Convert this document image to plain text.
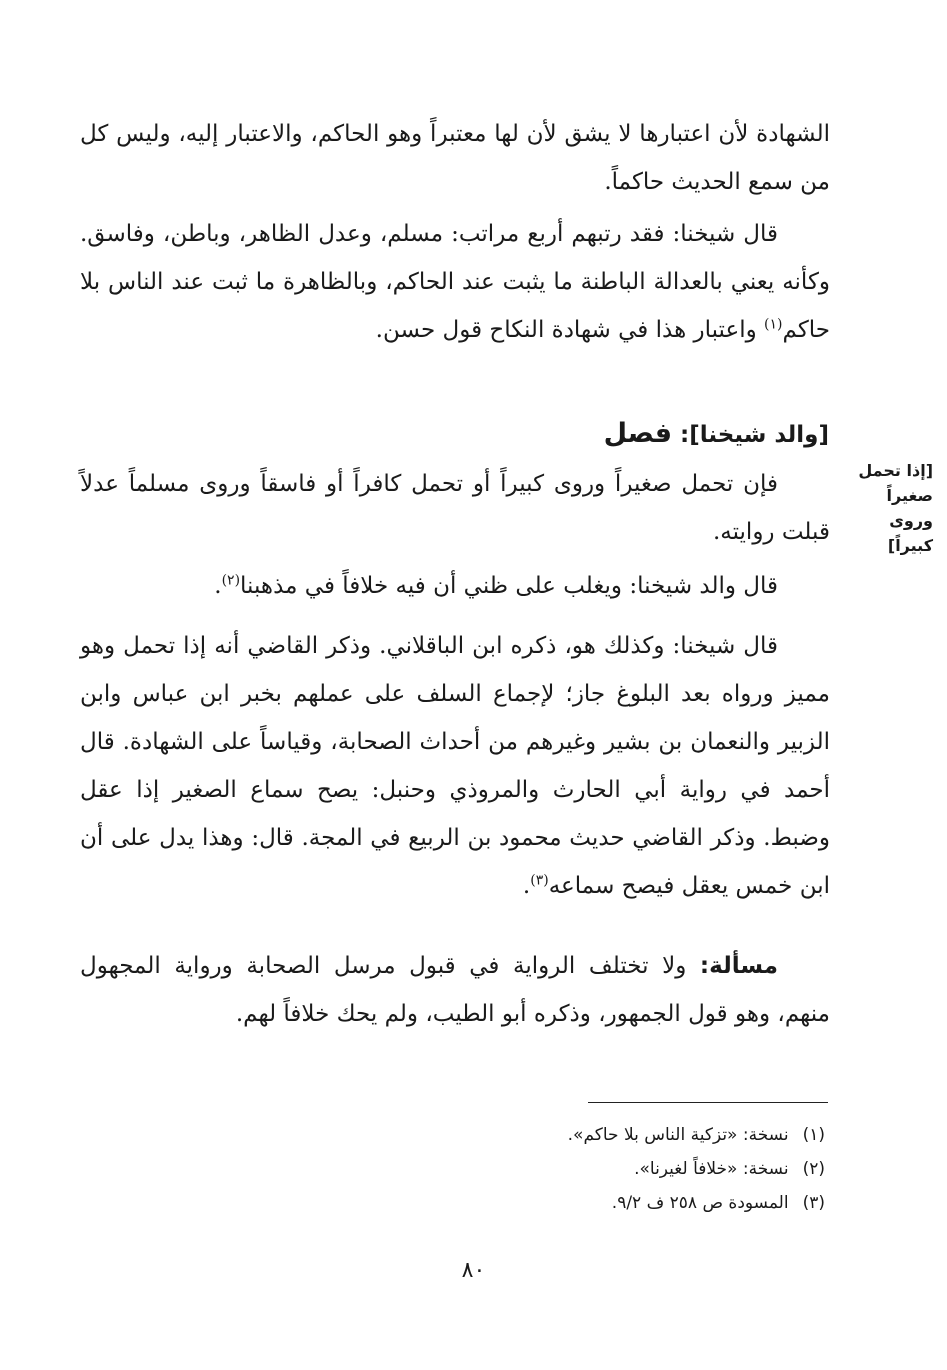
الشهادة لأن اعتبارها لا يشق لأن لها معتبراً وهو الحاكم، والاعتبار إليه، وليس كل من سمع الحديث حاكماً.

قال شيخنا: فقد رتبهم أربع مراتب: مسلم، وعدل الظاهر، وباطن، وفاسق. وكأنه يعني بالعدالة الباطنة ما يثبت عند الحاكم، وبالظاهرة ما ثبت عند الناس بلا حاكم$^{(١)}$ واعتبار هذا في شهادة النكاح قول حسن.

[والد شيخنا]: فصل
[إذا تحمل صغيراً وروى كبيراً]

فإن تحمل صغيراً وروى كبيراً أو تحمل كافراً أو فاسقاً وروى مسلماً عدلاً قبلت روايته.

قال والد شيخنا: ويغلب على ظني أن فيه خلافاً في مذهبنا$^{(٢)}$.

قال شيخنا: وكذلك هو، ذكره ابن الباقلاني. وذكر القاضي أنه إذا تحمل وهو مميز ورواه بعد البلوغ جاز؛ لإجماع السلف على عملهم بخبر ابن عباس وابن الزبير والنعمان بن بشير وغيرهم من أحداث الصحابة، وقياساً على الشهادة. قال أحمد في رواية أبي الحارث والمروذي وحنبل: يصح سماع الصغير إذا عقل وضبط. وذكر القاضي حديث محمود بن الربيع في المجة. قال: وهذا يدل على أن ابن خمس يعقل فيصح سماعه$^{(٣)}$.

مسألة: ولا تختلف الرواية في قبول مرسل الصحابة ورواية المجهول منهم، وهو قول الجمهور، وذكره أبو الطيب، ولم يحك خلافاً لهم.

(١)نسخة: «تزكية الناس بلا حاكم».
(٢)نسخة: «خلافاً لغيرنا».
(٣)المسودة ص ٢٥٨ ف ٩/٢.
٨٠
